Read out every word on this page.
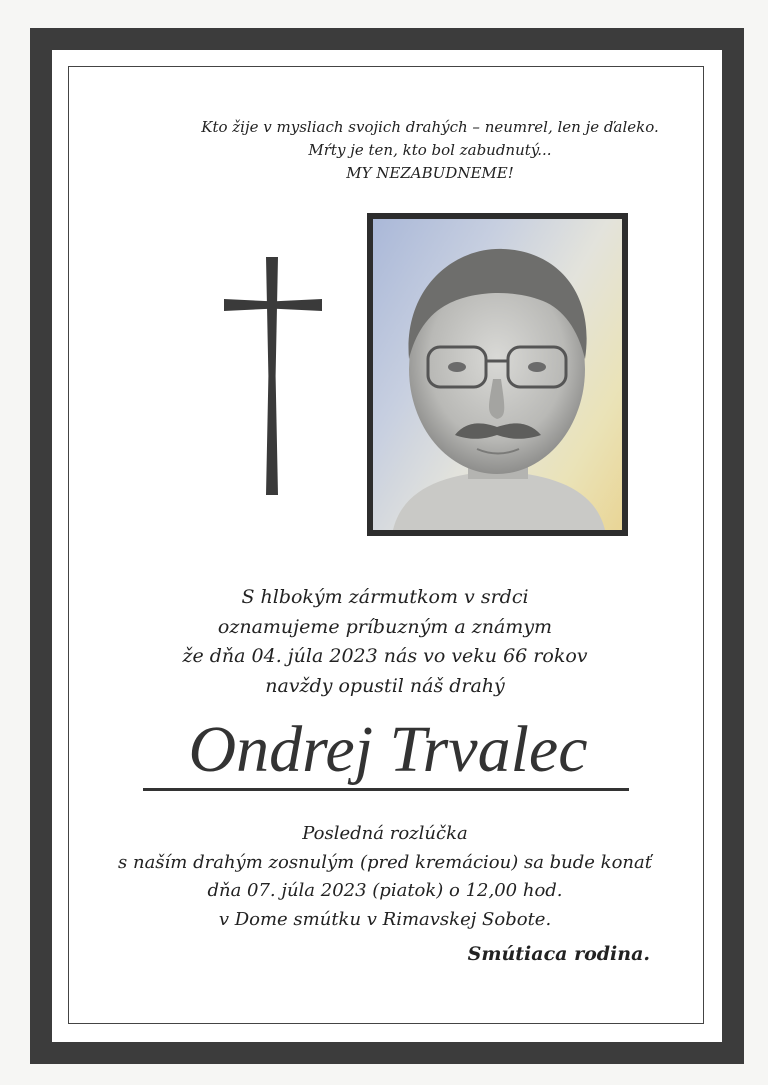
Kto žije v mysliach svojich drahých – neumrel, len je ďaleko.
Mŕty je ten, kto bol zabudnutý...
MY NEZABUDNEME!
S hlbokým zármutkom v srdci
oznamujeme príbuzným a známym
že dňa 04. júla 2023 nás vo veku 66 rokov
navždy opustil náš drahý
Ondrej Trvalec
Posledná rozlúčka
s naším drahým zosnulým (pred kremáciou) sa bude konať
dňa 07. júla 2023 (piatok) o 12,00 hod.
v Dome smútku v Rimavskej Sobote.
Smútiaca rodina.
